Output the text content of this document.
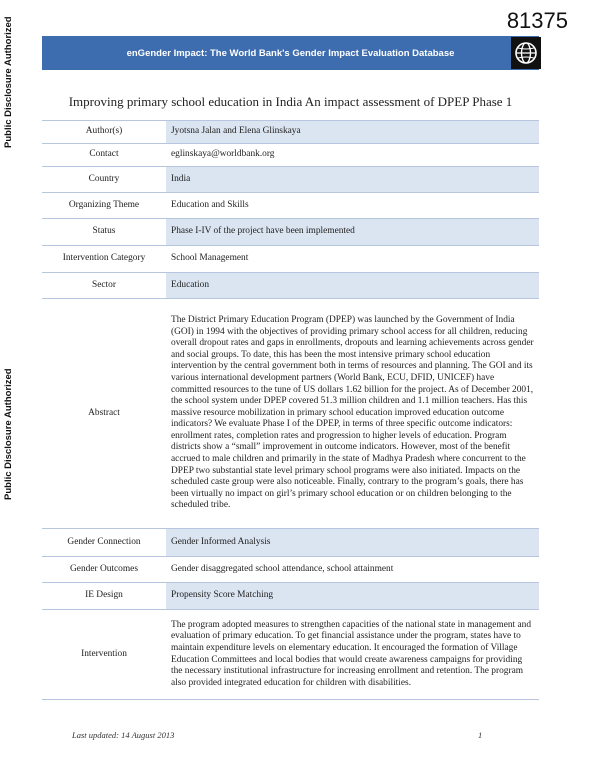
81375
Public Disclosure Authorized
Public Disclosure Authorized
enGender Impact: The World Bank's Gender Impact Evaluation Database
Improving primary school education in India An impact assessment of DPEP Phase 1
Author(s)	Jyotsna Jalan and Elena Glinskaya
Contact	eglinskaya@worldbank.org
Country	India
Organizing Theme	Education and Skills
Status	Phase I-IV of the project have been implemented
Intervention Category	School Management
Sector	Education
Abstract	The District Primary Education Program (DPEP) was launched by the Government of India (GOI) in 1994 with the objectives of providing primary school access for all children, reducing overall dropout rates and gaps in enrollments, dropouts and learning achievements across gender and social groups. To date, this has been the most intensive primary school education intervention by the central government both in terms of resources and planning. The GOI and its various international development partners (World Bank, ECU, DFID, UNICEF) have committed resources to the tune of US dollars 1.62 billion for the project. As of December 2001, the school system under DPEP covered 51.3 million children and 1.1 million teachers. Has this massive resource mobilization in primary school education improved education outcome indicators? We evaluate Phase I of the DPEP, in terms of three specific outcome indicators: enrollment rates, completion rates and progression to higher levels of education. Program districts show a “small” improvement in outcome indicators. However, most of the benefit accrued to male children and primarily in the state of Madhya Pradesh where concurrent to the DPEP two substantial state level primary school programs were also initiated. Impacts on the scheduled caste group were also noticeable. Finally, contrary to the program’s goals, there has been virtually no impact on girl’s primary school education or on children belonging to the scheduled tribe.
Gender Connection	Gender Informed Analysis
Gender Outcomes	Gender disaggregated school attendance, school attainment
IE Design	Propensity Score Matching
Intervention	The program adopted measures to strengthen capacities of the national state in management and evaluation of primary education. To get financial assistance under the program, states have to maintain expenditure levels on elementary education. It encouraged the formation of Village Education Committees and local bodies that would create awareness campaigns for providing the necessary institutional infrastructure for increasing enrollment and retention. The program also provided integrated education for children with disabilities.
Last updated: 14 August 2013	1
